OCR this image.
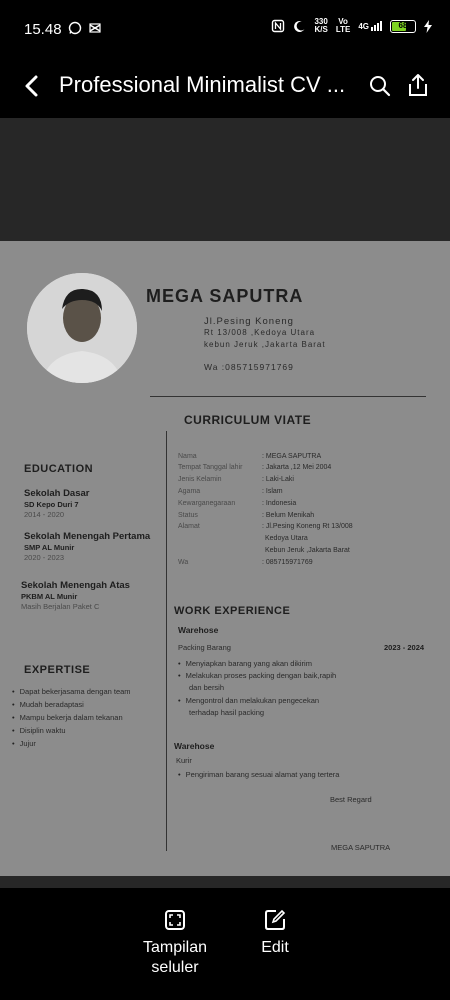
15.48	330
K/S
Vo
LTE 4G	68
Professional Minimalist CV ...
MEGA SAPUTRA
Jl.Pesing Koneng
Rt 13/008 ,Kedoya Utara
kebun Jeruk ,Jakarta Barat
Wa :085715971769
CURRICULUM VIATE
Nama	: MEGA SAPUTRA
Tempat Tanggal lahir	: Jakarta ,12 Mei 2004
Jenis Kelamin	: Laki-Laki
Agama	: Islam
Kewarganegaraan	: Indonesia
Status	: Belum Menikah
Alamat	: Jl.Pesing Koneng Rt 13/008
Kedoya Utara
Kebun Jeruk ,Jakarta Barat
Wa	: 085715971769
EDUCATION
Sekolah Dasar
SD Kepo Duri 7
2014 - 2020
Sekolah Menengah Pertama
SMP AL Munir
2020 - 2023
Sekolah Menengah Atas
PKBM AL Munir
Masih Berjalan Paket C
EXPERTISE
• Dapat bekerjasama dengan team
• Mudah beradaptasi
• Mampu bekerja dalam tekanan
• Disiplin waktu
• Jujur
WORK EXPERIENCE
Warehose
Packing Barang	2023 - 2024
• Menyiapkan barang yang akan dikirim
• Melakukan proses packing dengan baik,rapih
dan bersih
• Mengontrol dan melakukan pengecekan
terhadap hasil packing
Warehose
Kurir
• Pengiriman barang sesuai alamat yang tertera
Best Regard
MEGA SAPUTRA
Tampilan
seluler
Edit
